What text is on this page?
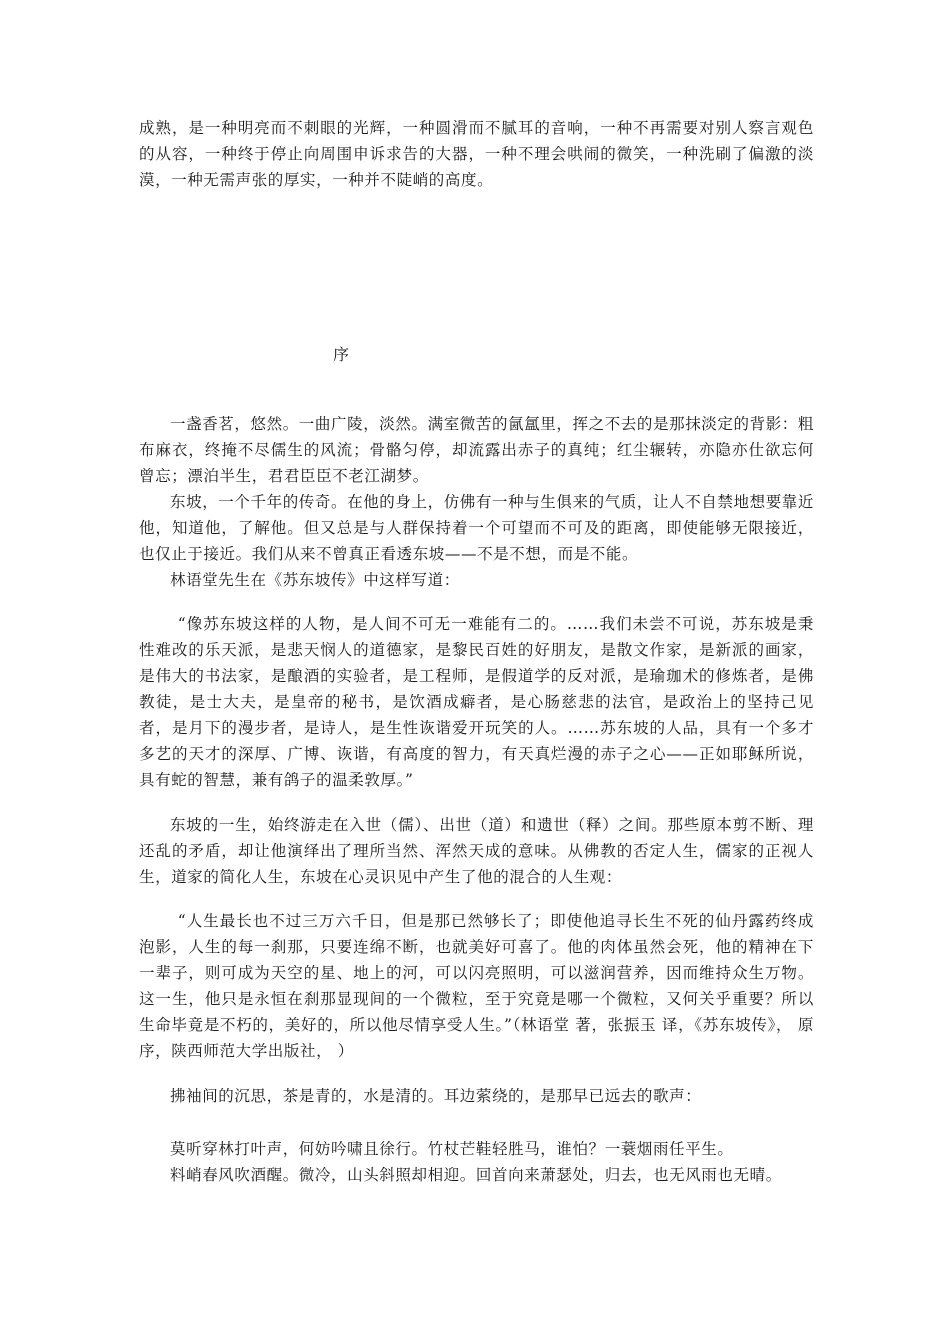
成熟，是一种明亮而不刺眼的光辉，一种圆滑而不腻耳的音响，一种不再需要对别人察言观色的从容，一种终于停止向周围申诉求告的大器，一种不理会哄闹的微笑，一种洗刷了偏激的淡漠，一种无需声张的厚实，一种并不陡峭的高度。

序

一盏香茗，悠然。一曲广陵，淡然。满室微苦的氤氲里，挥之不去的是那抹淡定的背影：粗布麻衣，终掩不尽儒生的风流；骨骼匀停，却流露出赤子的真纯；红尘辗转，亦隐亦仕欲忘何曾忘；漂泊半生，君君臣臣不老江湖梦。

东坡，一个千年的传奇。在他的身上，仿佛有一种与生俱来的气质，让人不自禁地想要靠近他，知道他，了解他。但又总是与人群保持着一个可望而不可及的距离，即使能够无限接近，也仅止于接近。我们从来不曾真正看透东坡——不是不想，而是不能。

林语堂先生在《苏东坡传》中这样写道：

“像苏东坡这样的人物，是人间不可无一难能有二的。……我们未尝不可说，苏东坡是秉性难改的乐天派，是悲天悯人的道德家，是黎民百姓的好朋友，是散文作家，是新派的画家，是伟大的书法家，是酿酒的实验者，是工程师，是假道学的反对派，是瑜珈术的修炼者，是佛教徒，是士大夫，是皇帝的秘书，是饮酒成癖者，是心肠慈悲的法官，是政治上的坚持己见者，是月下的漫步者，是诗人，是生性诙谐爱开玩笑的人。……苏东坡的人品，具有一个多才多艺的天才的深厚、广博、诙谐，有高度的智力，有天真烂漫的赤子之心——正如耶稣所说，具有蛇的智慧，兼有鸽子的温柔敦厚。”

东坡的一生，始终游走在入世（儒）、出世（道）和遗世（释）之间。那些原本剪不断、理还乱的矛盾，却让他演绎出了理所当然、浑然天成的意味。从佛教的否定人生，儒家的正视人生，道家的简化人生，东坡在心灵识见中产生了他的混合的人生观：

“人生最长也不过三万六千日，但是那已然够长了；即使他追寻长生不死的仙丹露药终成泡影，人生的每一刹那，只要连绵不断，也就美好可喜了。他的肉体虽然会死，他的精神在下一辈子，则可成为天空的星、地上的河，可以闪亮照明，可以滋润营养，因而维持众生万物。这一生，他只是永恒在刹那显现间的一个微粒，至于究竟是哪一个微粒，又何关乎重要？所以生命毕竟是不朽的，美好的，所以他尽情享受人生。”（林语堂 著，张振玉 译，《苏东坡传》， 原序，陕西师范大学出版社， ）

拂袖间的沉思，茶是青的，水是清的。耳边萦绕的，是那早已远去的歌声：

莫听穿林打叶声，何妨吟啸且徐行。竹杖芒鞋轻胜马，谁怕？一蓑烟雨任平生。

料峭春风吹酒醒。微冷，山头斜照却相迎。回首向来萧瑟处，归去，也无风雨也无晴。
